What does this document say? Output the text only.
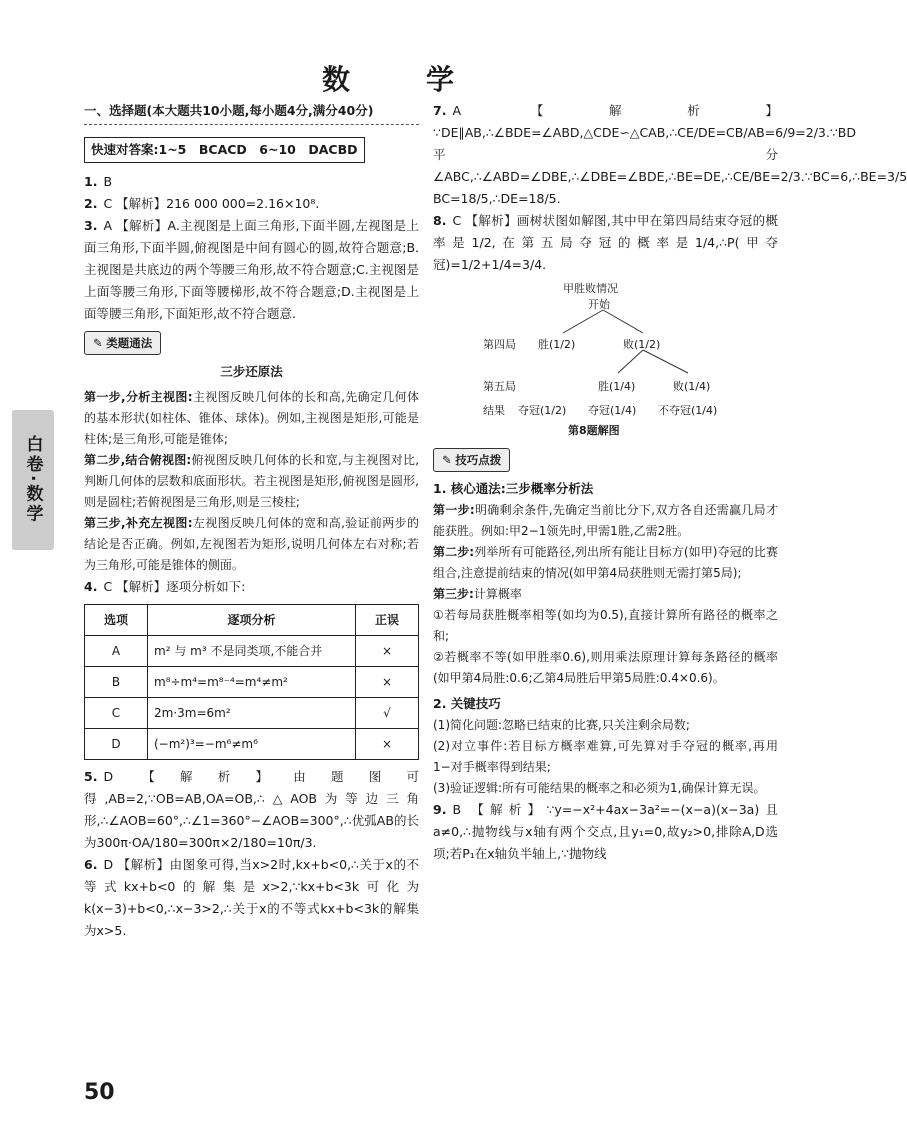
数　学
白卷·数学
一、选择题(本大题共10小题,每小题4分,满分40分)
快速对答案:1~5　BCACD　6~10　DACBD

1. B

2. C 【解析】216 000 000=2.16×10⁸.

3. A 【解析】A.主视图是上面三角形,下面半圆,左视图是上面三角形,下面半圆,俯视图是中间有圆心的圆,故符合题意;B.主视图是共底边的两个等腰三角形,故不符合题意;C.主视图是上面等腰三角形,下面等腰梯形,故不符合题意;D.主视图是上面等腰三角形,下面矩形,故不符合题意.

✎ 类题通法
三步还原法

第一步,分析主视图:主视图反映几何体的长和高,先确定几何体的基本形状(如柱体、锥体、球体)。例如,主视图是矩形,可能是柱体;是三角形,可能是锥体;

第二步,结合俯视图:俯视图反映几何体的长和宽,与主视图对比,判断几何体的层数和底面形状。若主视图是矩形,俯视图是圆形,则是圆柱;若俯视图是三角形,则是三棱柱;

第三步,补充左视图:左视图反映几何体的宽和高,验证前两步的结论是否正确。例如,左视图若为矩形,说明几何体左右对称;若为三角形,可能是锥体的侧面。

4. C 【解析】逐项分析如下:

选项	逐项分析	正误
A	m² 与 m³ 不是同类项,不能合并	×
B	m⁸÷m⁴=m⁸⁻⁴=m⁴≠m²	×
C	2m·3m=6m²	√
D	(−m²)³=−m⁶≠m⁶	×

5. D 【解析】由题图可得,AB=2,∵OB=AB,OA=OB,∴△AOB为等边三角形,∴∠AOB=60°,∴∠1=360°−∠AOB=300°,∴优弧AB的长为300π·OA/180=300π×2/180=10π/3.

6. D 【解析】由图象可得,当x>2时,kx+b<0,∴关于x的不等式kx+b<0的解集是x>2,∵kx+b<3k可化为k(x−3)+b<0,∴x−3>2,∴关于x的不等式kx+b<3k的解集为x>5.

7. A 【解析】∵DE∥AB,∴∠BDE=∠ABD,△CDE∽△CAB,∴CE/DE=CB/AB=6/9=2/3.∵BD平分∠ABC,∴∠ABD=∠DBE,∴∠DBE=∠BDE,∴BE=DE,∴CE/BE=2/3.∵BC=6,∴BE=3/5 BC=18/5,∴DE=18/5.

8. C 【解析】画树状图如解图,其中甲在第四局结束夺冠的概率是1/2,在第五局夺冠的概率是1/4,∴P(甲夺冠)=1/2+1/4=3/4.

甲胜败情况
开始
第四局 胜(1/2)	败(1/2)
第五局	胜(1/4)	败(1/4)
结果 夺冠(1/2) 夺冠(1/4) 不夺冠(1/4)
第8题解图
✎ 技巧点拨
1. 核心通法:三步概率分析法

第一步:明确剩余条件,先确定当前比分下,双方各自还需赢几局才能获胜。例如:甲2−1领先时,甲需1胜,乙需2胜。

第二步:列举所有可能路径,列出所有能让目标方(如甲)夺冠的比赛组合,注意提前结束的情况(如甲第4局获胜则无需打第5局);

第三步:计算概率

①若每局获胜概率相等(如均为0.5),直接计算所有路径的概率之和;

②若概率不等(如甲胜率0.6),则用乘法原理计算每条路径的概率(如甲第4局胜:0.6;乙第4局胜后甲第5局胜:0.4×0.6)。

2. 关键技巧

(1)简化问题:忽略已结束的比赛,只关注剩余局数;

(2)对立事件:若目标方概率难算,可先算对手夺冠的概率,再用1−对手概率得到结果;

(3)验证逻辑:所有可能结果的概率之和必须为1,确保计算无误。

9. B 【解析】∵y=−x²+4ax−3a²=−(x−a)(x−3a)且a≠0,∴抛物线与x轴有两个交点,且y₁=0,故y₂>0,排除A,D选项;若P₁在x轴负半轴上,∵抛物线

50
